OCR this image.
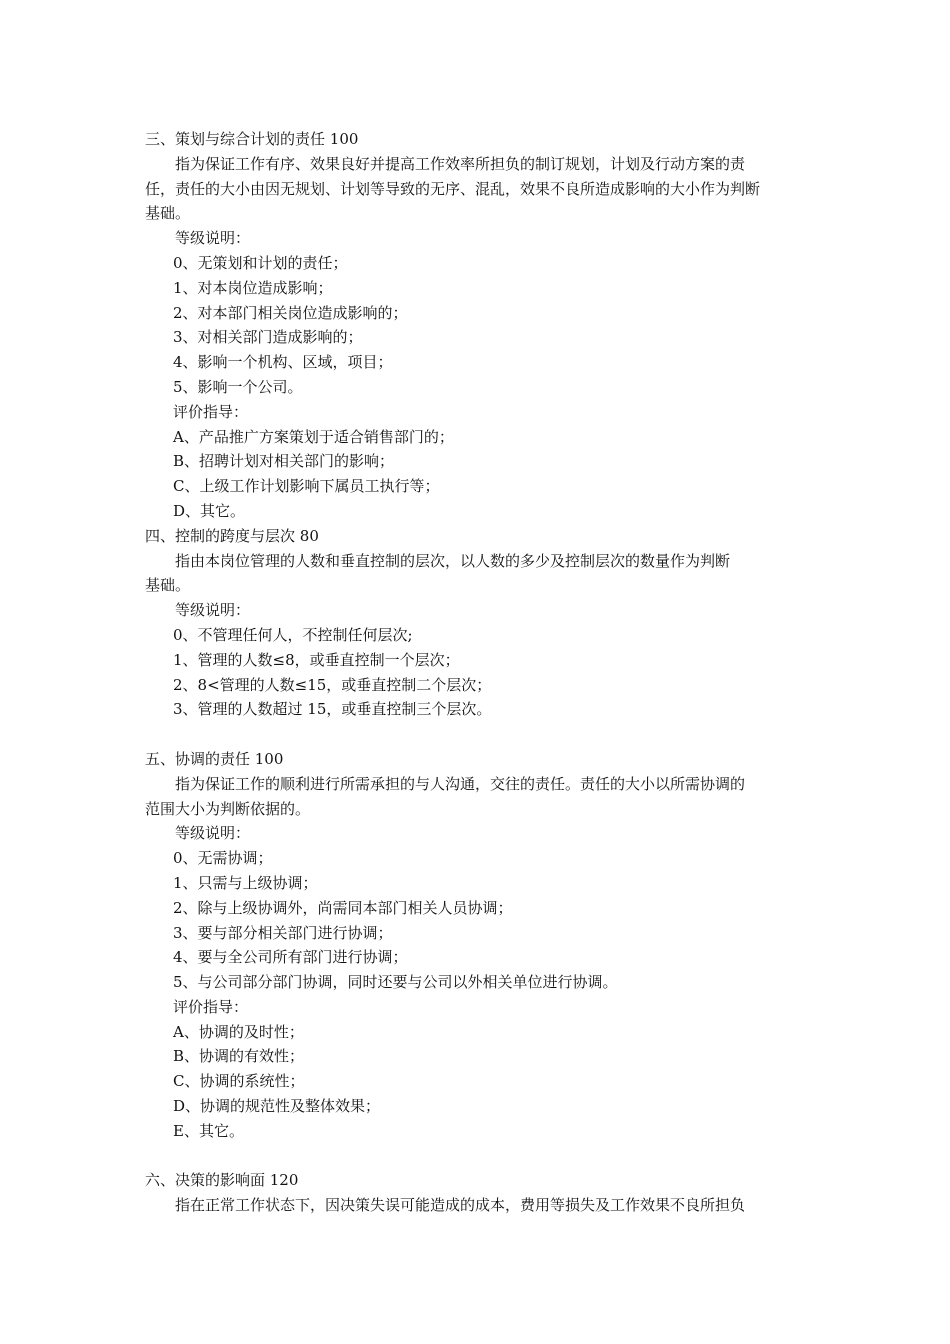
三、策划与综合计划的责任 100
指为保证工作有序、效果良好并提高工作效率所担负的制订规划，计划及行动方案的责
任，责任的大小由因无规划、计划等导致的无序、混乱，效果不良所造成影响的大小作为判断
基础。
等级说明：
0、无策划和计划的责任；
1、对本岗位造成影响；
2、对本部门相关岗位造成影响的；
3、对相关部门造成影响的；
4、影响一个机构、区域，项目；
5、影响一个公司。
评价指导：
A、产品推广方案策划于适合销售部门的；
B、招聘计划对相关部门的影响；
C、上级工作计划影响下属员工执行等；
D、其它。
四、控制的跨度与层次 80
指由本岗位管理的人数和垂直控制的层次，以人数的多少及控制层次的数量作为判断
基础。
等级说明：
0、不管理任何人，不控制任何层次;
1、管理的人数≤8，或垂直控制一个层次；
2、8<管理的人数≤15，或垂直控制二个层次；
3、管理的人数超过 15，或垂直控制三个层次。
五、协调的责任 100
指为保证工作的顺利进行所需承担的与人沟通，交往的责任。责任的大小以所需协调的
范围大小为判断依据的。
等级说明：
0、无需协调；
1、只需与上级协调；
2、除与上级协调外，尚需同本部门相关人员协调；
3、要与部分相关部门进行协调；
4、要与全公司所有部门进行协调；
5、与公司部分部门协调，同时还要与公司以外相关单位进行协调。
评价指导：
A、协调的及时性；
B、协调的有效性；
C、协调的系统性；
D、协调的规范性及整体效果；
E、其它。
六、决策的影响面 120
指在正常工作状态下，因决策失误可能造成的成本，费用等损失及工作效果不良所担负
